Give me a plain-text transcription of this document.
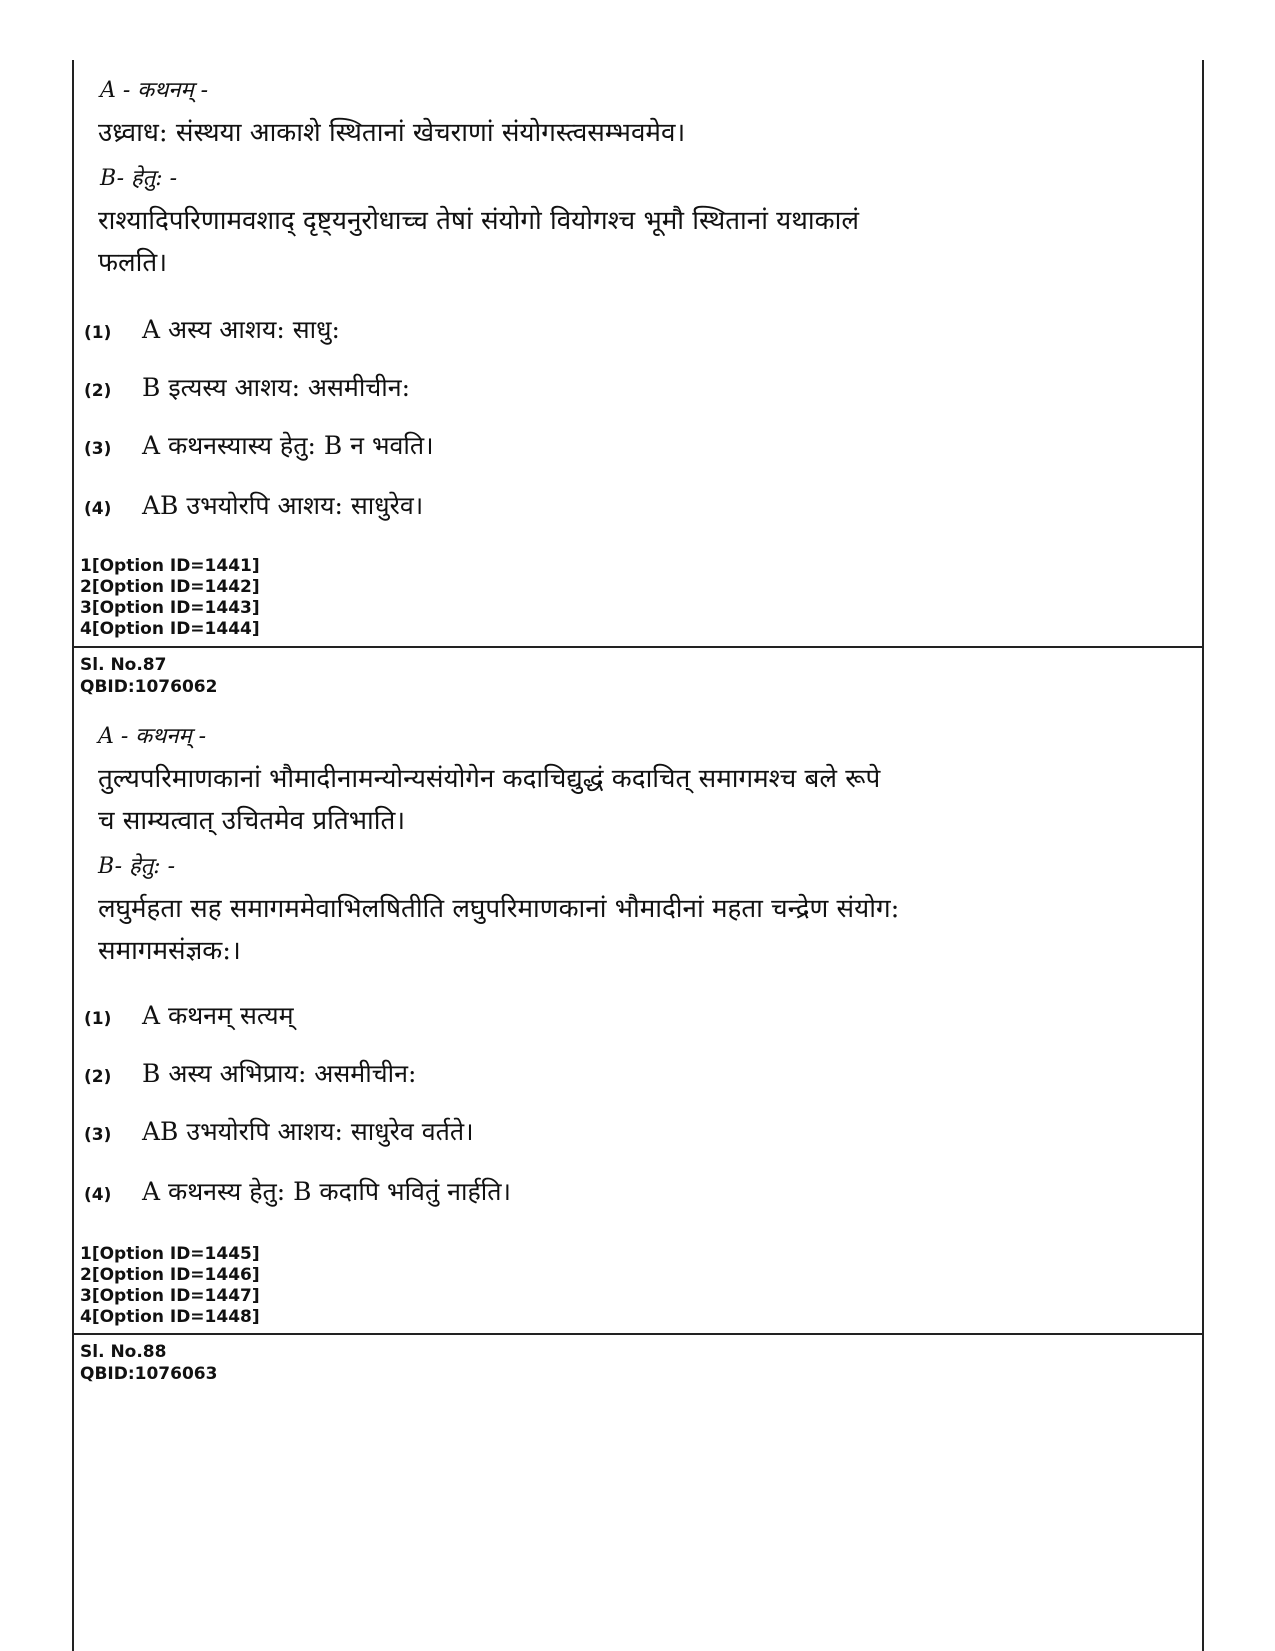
A - कथनम् -
उध्र्वाध: संस्थया आकाशे स्थितानां खेचराणां संयोगस्त्वसम्भवमेव।
B- हेतु: -
राश्यादिपरिणामवशाद् दृष्ट्यनुरोधाच्च तेषां संयोगो वियोगश्च भूमौ स्थितानां यथाकालं
फलति।
(1)	A अस्य आशय: साधु:
(2)	B इत्यस्य आशय: असमीचीन:
(3)	A कथनस्यास्य हेतु: B न भवति।
(4)	AB उभयोरपि आशय: साधुरेव।
1[Option ID=1441]
2[Option ID=1442]
3[Option ID=1443]
4[Option ID=1444]
Sl. No.87
QBID:1076062
A - कथनम् -
तुल्यपरिमाणकानां भौमादीनामन्योन्यसंयोगेन कदाचिद्युद्धं कदाचित् समागमश्च बले रूपे
च साम्यत्वात् उचितमेव प्रतिभाति।
B- हेतु: -
लघुर्महता सह समागममेवाभिलषितीति लघुपरिमाणकानां भौमादीनां महता चन्द्रेण संयोग:
समागमसंज्ञक:।
(1)	A कथनम् सत्यम्
(2)	B अस्य अभिप्राय: असमीचीन:
(3)	AB उभयोरपि आशय: साधुरेव वर्तते।
(4)	A कथनस्य हेतु: B कदापि भवितुं नार्हति।
1[Option ID=1445]
2[Option ID=1446]
3[Option ID=1447]
4[Option ID=1448]
Sl. No.88
QBID:1076063
